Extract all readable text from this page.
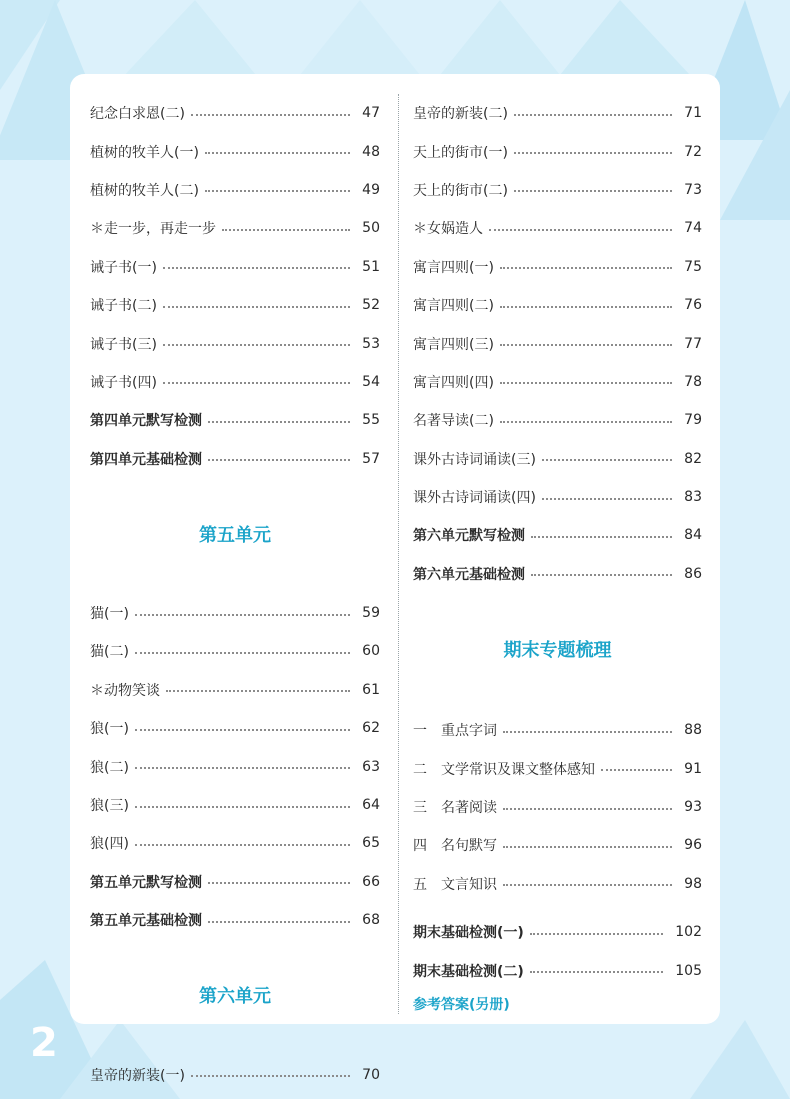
纪念白求恩(二)	47
植树的牧羊人(一)	48
植树的牧羊人(二)	49
＊走一步，再走一步	50
诫子书(一)	51
诫子书(二)	52
诫子书(三)	53
诫子书(四)	54
第四单元默写检测	55
第四单元基础检测	57
第五单元
猫(一)	59
猫(二)	60
＊动物笑谈	61
狼(一)	62
狼(二)	63
狼(三)	64
狼(四)	65
第五单元默写检测	66
第五单元基础检测	68
第六单元
皇帝的新装(一)	70
皇帝的新装(二)	71
天上的街市(一)	72
天上的街市(二)	73
＊女娲造人	74
寓言四则(一)	75
寓言四则(二)	76
寓言四则(三)	77
寓言四则(四)	78
名著导读(二)	79
课外古诗词诵读(三)	82
课外古诗词诵读(四)	83
第六单元默写检测	84
第六单元基础检测	86
期末专题梳理
一 重点字词	88
二 文学常识及课文整体感知	91
三 名著阅读	93
四 名句默写	96
五 文言知识	98
期末基础检测(一)	102
期末基础检测(二)	105
参考答案(另册)
2
